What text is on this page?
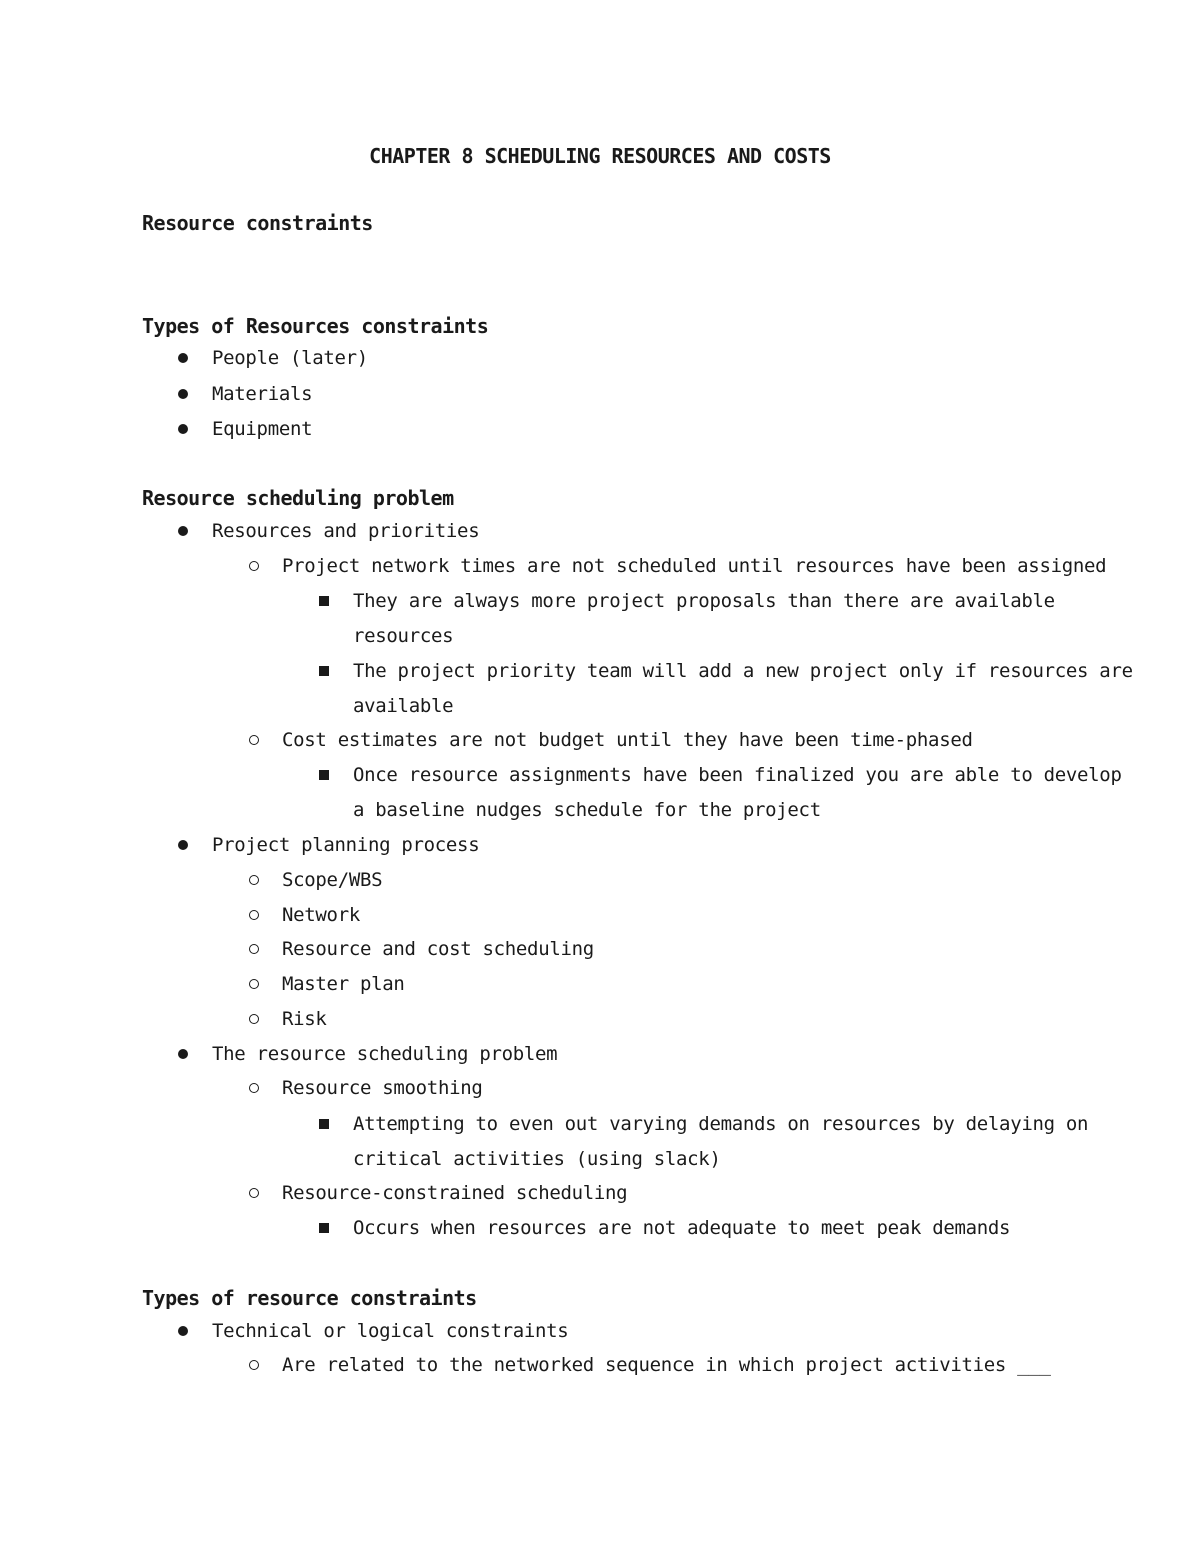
CHAPTER 8 SCHEDULING RESOURCES AND COSTS
Resource constraints
Types of Resources constraints
People (later)
Materials
Equipment
Resource scheduling problem
Resources and priorities
Project network times are not scheduled until resources have been assigned
They are always more project proposals than there are available
resources
The project priority team will add a new project only if resources are
available
Cost estimates are not budget until they have been time-phased
Once resource assignments have been finalized you are able to develop
a baseline nudges schedule for the project
Project planning process
Scope/WBS
Network
Resource and cost scheduling
Master plan
Risk
The resource scheduling problem
Resource smoothing
Attempting to even out varying demands on resources by delaying on
critical activities (using slack)
Resource-constrained scheduling
Occurs when resources are not adequate to meet peak demands
Types of resource constraints
Technical or logical constraints
Are related to the networked sequence in which project activities ___
